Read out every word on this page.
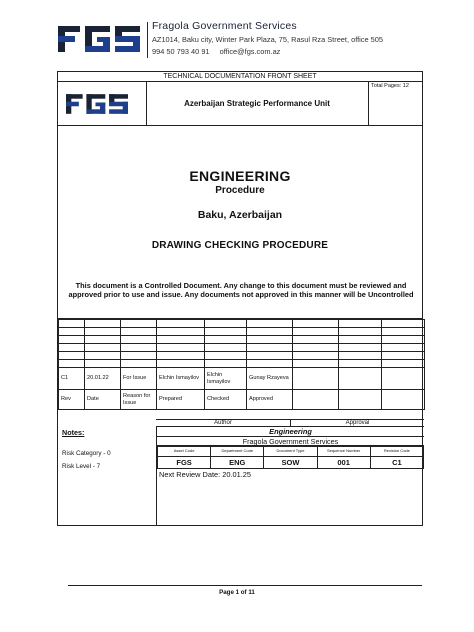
Fragola Government Services
AZ1014, Baku city, Winter Park Plaza, 75, Rasul Rza Street, office 505
994 50 793 40 91 office@fgs.com.az
TECHNICAL DOCUMENTATION FRONT SHEET
Azerbaijan Strategic Performance Unit
Total Pages: 12
ENGINEERING
Procedure
Baku, Azerbaijan
DRAWING CHECKING PROCEDURE
This document is a Controlled Document. Any change to this document must be reviewed and approved prior to use and issue. Any documents not approved in this manner will be Uncontrolled

C1	20.01.22	For Issue	Elchin Ismayilov	Elchin Ismayilov	Gunay Rzayeva			
Rev	Date	Reason for Issue	Prepared	Checked	Approved			
Author	Approval
Notes:
Risk Category - 0
Risk Level - 7
Engineering
Fragola Government Services
Asset Code	Department Code	Document Type	Sequence Number	Revision Code
FGS	ENG	SOW	001	C1
Next Review Date: 20.01.25
Page 1 of 11
